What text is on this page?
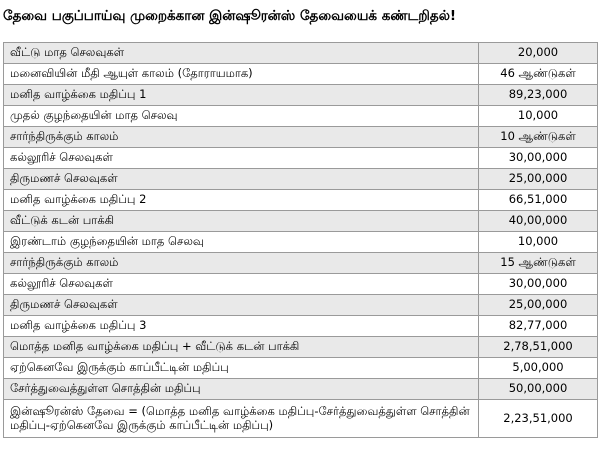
தேவை பகுப்பாய்வு முறைக்கான இன்ஷூரன்ஸ் தேவையைக் கண்டறிதல்!
வீட்டு மாத செலவுகள்	20,000
மனைவியின் மீதி ஆயுள் காலம் (தோராயமாக)	46 ஆண்டுகள்
மனித வாழ்க்கை மதிப்பு 1	89,23,000
முதல் குழந்தையின் மாத செலவு	10,000
சார்ந்திருக்கும் காலம்	10 ஆண்டுகள்
கல்லூரிச் செலவுகள்	30,00,000
திருமணச் செலவுகள்	25,00,000
மனித வாழ்க்கை மதிப்பு 2	66,51,000
வீட்டுக் கடன் பாக்கி	40,00,000
இரண்டாம் குழந்தையின் மாத செலவு	10,000
சார்ந்திருக்கும் காலம்	15 ஆண்டுகள்
கல்லூரிச் செலவுகள்	30,00,000
திருமணச் செலவுகள்	25,00,000
மனித வாழ்க்கை மதிப்பு 3	82,77,000
மொத்த மனித வாழ்க்கை மதிப்பு + வீட்டுக் கடன் பாக்கி	2,78,51,000
ஏற்கெனவே இருக்கும் காப்பீட்டின் மதிப்பு	5,00,000
சேர்த்துவைத்துள்ள சொத்தின் மதிப்பு	50,00,000
இன்ஷூரன்ஸ் தேவை = (மொத்த மனித வாழ்க்கை மதிப்பு-சேர்த்துவைத்துள்ள சொத்தின் மதிப்பு-ஏற்கெனவே இருக்கும் காப்பீட்டின் மதிப்பு)	2,23,51,000
